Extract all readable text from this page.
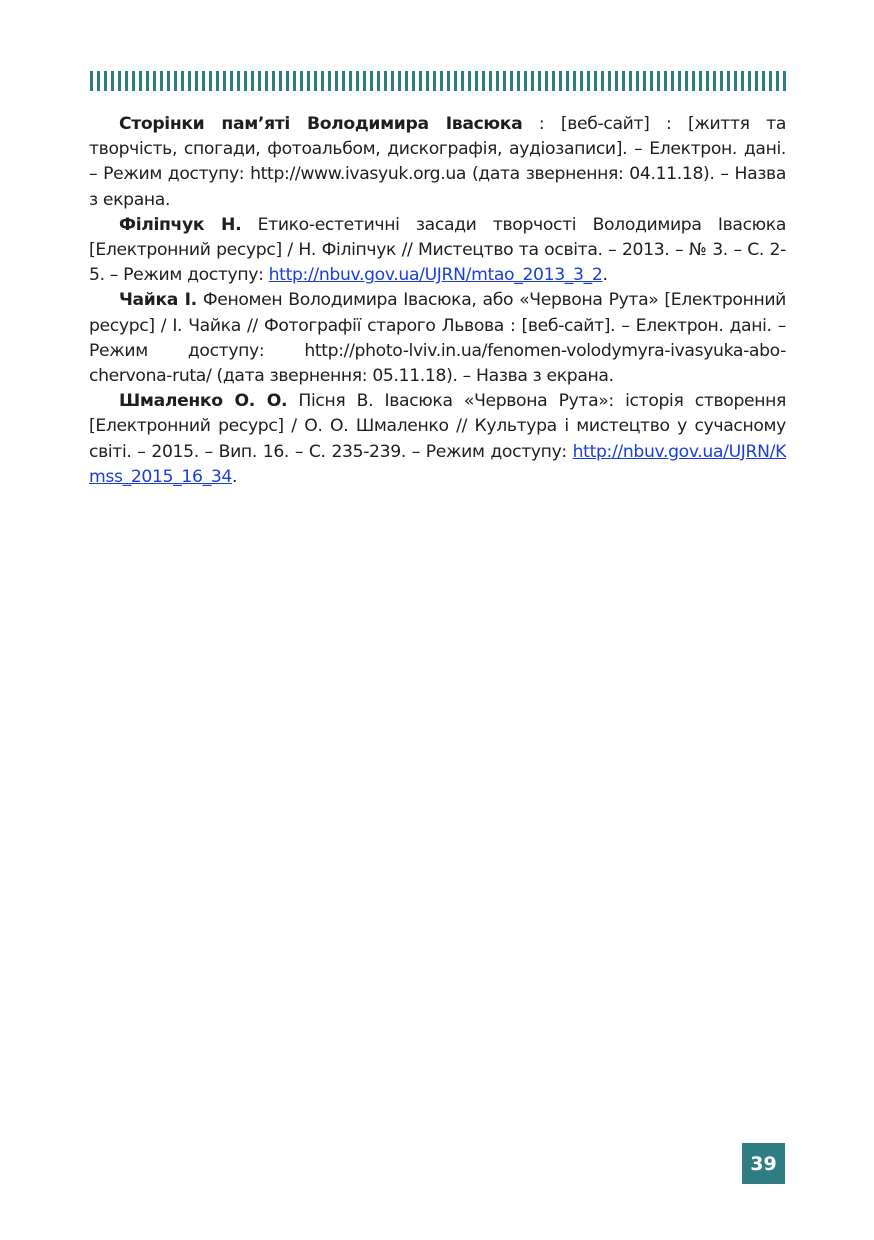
Сторінки пам’яті Володимира Івасюка : [веб-сайт] : [життя та творчість, спогади, фотоальбом, дискографія, аудіозаписи]. – Електрон. дані. – Режим доступу: http://www.ivasyuk.org.ua (дата звернення: 04.11.18). – Назва з екрана.

Філіпчук Н. Етико-естетичні засади творчості Володимира Івасюка [Електронний ресурс] / Н. Філіпчук // Мистецтво та освіта. – 2013. – № 3. – С. 2-5. – Режим доступу: http://nbuv.gov.ua/UJRN/mtao_2013_3_2.

Чайка І. Феномен Володимира Івасюка, або «Червона Рута» [Електронний ресурс] / І. Чайка // Фотографії старого Львова : [веб-сайт]. – Електрон. дані. – Режим доступу: http://photo-lviv.in.ua/fenomen-volodymyra-ivasyuka-abo-chervona-ruta/ (дата звернення: 05.11.18). – Назва з екрана.

Шмаленко О. О. Пісня В. Івасюка «Червона Рута»: історія створення [Електронний ресурс] / О. О. Шмаленко // Культура і мистецтво у сучасному світі. – 2015. – Вип. 16. – С. 235-239. – Режим доступу: http://nbuv.gov.ua/UJRN/Kmss_2015_16_34.

39
